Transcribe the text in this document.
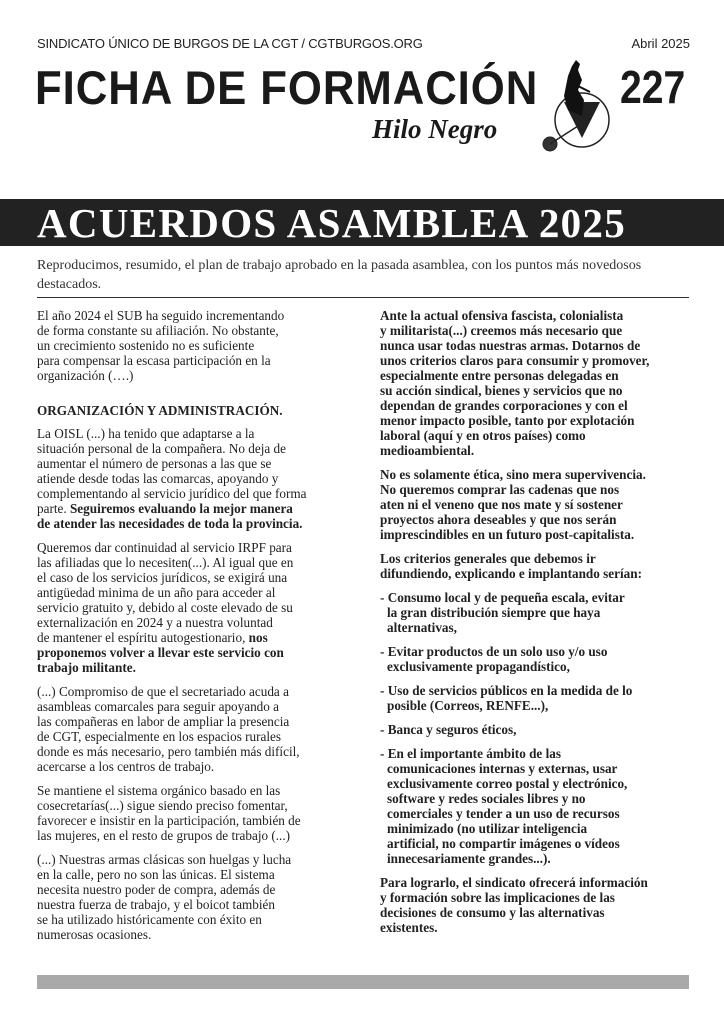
SINDICATO ÚNICO DE BURGOS DE LA CGT / CGTBURGOS.ORG	Abril 2025
FICHA DE FORMACIÓN
Hilo Negro
227
ACUERDOS ASAMBLEA 2025

Reproducimos, resumido, el plan de trabajo aprobado en la pasada asamblea, con los puntos más novedosos destacados.

El año 2024 el SUB ha seguido incrementando
de forma constante su afiliación. No obstante,
un crecimiento sostenido no es suficiente
para compensar la escasa participación en la
organización (….)
ORGANIZACIÓN Y ADMINISTRACIÓN.
La OISL (...) ha tenido que adaptarse a la
situación personal de la compañera. No deja de
aumentar el número de personas a las que se
atiende desde todas las comarcas, apoyando y
complementando al servicio jurídico del que forma
parte. Seguiremos evaluando la mejor manera
de atender las necesidades de toda la provincia.
Queremos dar continuidad al servicio IRPF para
las afiliadas que lo necesiten(...). Al igual que en
el caso de los servicios jurídicos, se exigirá una
antigüedad minima de un año para acceder al
servicio gratuito y, debido al coste elevado de su
externalización en 2024 y a nuestra voluntad
de mantener el espíritu autogestionario, nos
proponemos volver a llevar este servicio con
trabajo militante.
(...) Compromiso de que el secretariado acuda a
asambleas comarcales para seguir apoyando a
las compañeras en labor de ampliar la presencia
de CGT, especialmente en los espacios rurales
donde es más necesario, pero también más difícil,
acercarse a los centros de trabajo.
Se mantiene el sistema orgánico basado en las
cosecretarías(...) sigue siendo preciso fomentar,
favorecer e insistir en la participación, también de
las mujeres, en el resto de grupos de trabajo (...)
(...) Nuestras armas clásicas son huelgas y lucha
en la calle, pero no son las únicas. El sistema
necesita nuestro poder de compra, además de
nuestra fuerza de trabajo, y el boicot también
se ha utilizado históricamente con éxito en
numerosas ocasiones.
Ante la actual ofensiva fascista, colonialista
y militarista(...) creemos más necesario que
nunca usar todas nuestras armas. Dotarnos de
unos criterios claros para consumir y promover,
especialmente entre personas delegadas en
su acción sindical, bienes y servicios que no
dependan de grandes corporaciones y con el
menor impacto posible, tanto por explotación
laboral (aquí y en otros países) como
medioambiental.
No es solamente ética, sino mera supervivencia.
No queremos comprar las cadenas que nos
aten ni el veneno que nos mate y sí sostener
proyectos ahora deseables y que nos serán
imprescindibles en un futuro post-capitalista.
Los criterios generales que debemos ir
difundiendo, explicando e implantando serían:
- Consumo local y de pequeña escala, evitar
la gran distribución siempre que haya
alternativas,
- Evitar productos de un solo uso y/o uso
exclusivamente propagandístico,
- Uso de servicios públicos en la medida de lo
posible (Correos, RENFE...),
- Banca y seguros éticos,
- En el importante ámbito de las
comunicaciones internas y externas, usar
exclusivamente correo postal y electrónico,
software y redes sociales libres y no
comerciales y tender a un uso de recursos
minimizado (no utilizar inteligencia
artificial, no compartir imágenes o vídeos
innecesariamente grandes...).
Para lograrlo, el sindicato ofrecerá información
y formación sobre las implicaciones de las
decisiones de consumo y las alternativas
existentes.
